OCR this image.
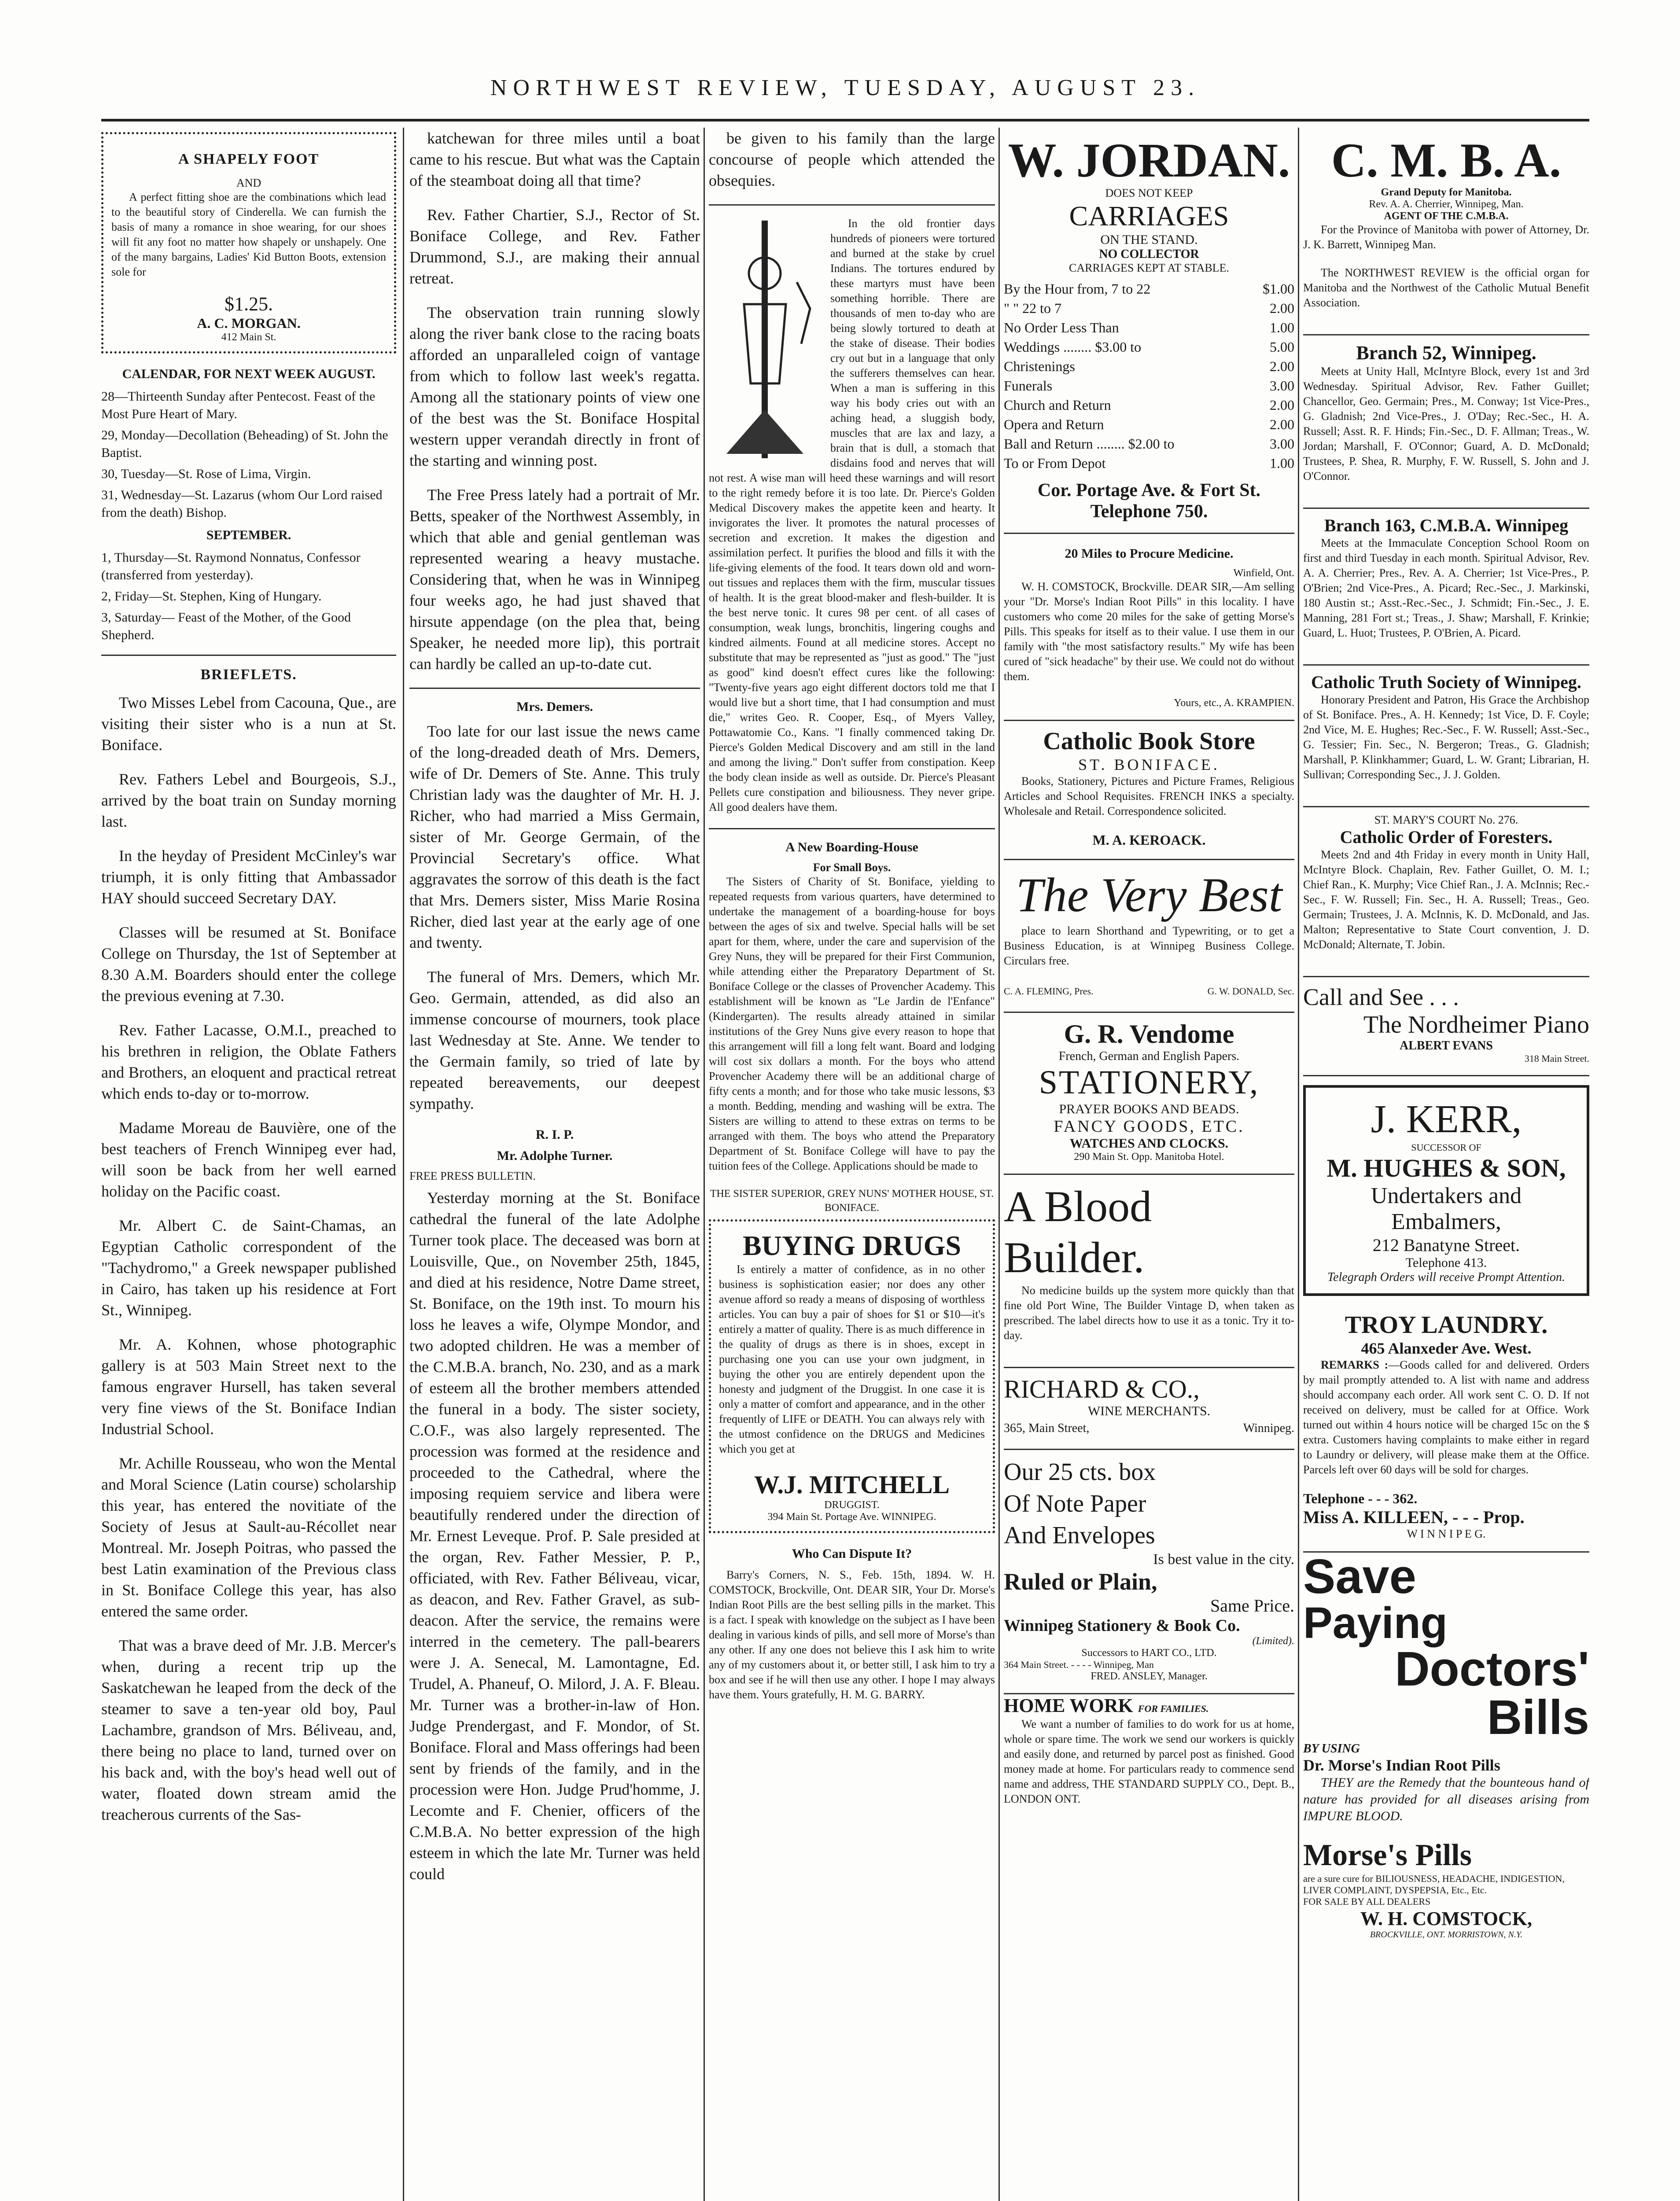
NORTHWEST REVIEW, TUESDAY, AUGUST 23.
A SHAPELY FOOT
AND

A perfect fitting shoe are the combinations which lead to the beautiful story of Cinderella. We can furnish the basis of many a romance in shoe wearing, for our shoes will fit any foot no matter how shapely or unshapely. One of the many bargains, Ladies' Kid Button Boots, extension sole for

$1.25.
A. C. MORGAN.
412 Main St.
CALENDAR, FOR NEXT WEEK AUGUST.
28—Thirteenth Sunday after Pentecost. Feast of the Most Pure Heart of Mary.
29, Monday—Decollation (Beheading) of St. John the Baptist.
30, Tuesday—St. Rose of Lima, Virgin.
31, Wednesday—St. Lazarus (whom Our Lord raised from the death) Bishop.
SEPTEMBER.
1, Thursday—St. Raymond Nonnatus, Confessor (transferred from yesterday).
2, Friday—St. Stephen, King of Hungary.
3, Saturday— Feast of the Mother, of the Good Shepherd.
BRIEFLETS.

Two Misses Lebel from Cacouna, Que., are visiting their sister who is a nun at St. Boniface.

Rev. Fathers Lebel and Bourgeois, S.J., arrived by the boat train on Sunday morning last.

In the heyday of President McCinley's war triumph, it is only fitting that Ambassador HAY should succeed Secretary DAY.

Classes will be resumed at St. Boniface College on Thursday, the 1st of September at 8.30 A.M. Boarders should enter the college the previous evening at 7.30.

Rev. Father Lacasse, O.M.I., preached to his brethren in religion, the Oblate Fathers and Brothers, an eloquent and practical retreat which ends to-day or to-morrow.

Madame Moreau de Bauvière, one of the best teachers of French Winnipeg ever had, will soon be back from her well earned holiday on the Pacific coast.

Mr. Albert C. de Saint-Chamas, an Egyptian Catholic correspondent of the "Tachydromo," a Greek newspaper published in Cairo, has taken up his residence at Fort St., Winnipeg.

Mr. A. Kohnen, whose photographic gallery is at 503 Main Street next to the famous engraver Hursell, has taken several very fine views of the St. Boniface Indian Industrial School.

Mr. Achille Rousseau, who won the Mental and Moral Science (Latin course) scholarship this year, has entered the novitiate of the Society of Jesus at Sault-au-Récollet near Montreal. Mr. Joseph Poitras, who passed the best Latin examination of the Previous class in St. Boniface College this year, has also entered the same order.

That was a brave deed of Mr. J.B. Mercer's when, during a recent trip up the Saskatchewan he leaped from the deck of the steamer to save a ten-year old boy, Paul Lachambre, grandson of Mrs. Béliveau, and, there being no place to land, turned over on his back and, with the boy's head well out of water, floated down stream amid the treacherous currents of the Sas-

katchewan for three miles until a boat came to his rescue. But what was the Captain of the steamboat doing all that time?

Rev. Father Chartier, S.J., Rector of St. Boniface College, and Rev. Father Drummond, S.J., are making their annual retreat.

The observation train running slowly along the river bank close to the racing boats afforded an unparalleled coign of vantage from which to follow last week's regatta. Among all the stationary points of view one of the best was the St. Boniface Hospital western upper verandah directly in front of the starting and winning post.

The Free Press lately had a portrait of Mr. Betts, speaker of the Northwest Assembly, in which that able and genial gentleman was represented wearing a heavy mustache. Considering that, when he was in Winnipeg four weeks ago, he had just shaved that hirsute appendage (on the plea that, being Speaker, he needed more lip), this portrait can hardly be called an up-to-date cut.

Mrs. Demers.

Too late for our last issue the news came of the long-dreaded death of Mrs. Demers, wife of Dr. Demers of Ste. Anne. This truly Christian lady was the daughter of Mr. H. J. Richer, who had married a Miss Germain, sister of Mr. George Germain, of the Provincial Secretary's office. What aggravates the sorrow of this death is the fact that Mrs. Demers sister, Miss Marie Rosina Richer, died last year at the early age of one and twenty.

The funeral of Mrs. Demers, which Mr. Geo. Germain, attended, as did also an immense concourse of mourners, took place last Wednesday at Ste. Anne. We tender to the Germain family, so tried of late by repeated bereavements, our deepest sympathy.

R. I. P.
Mr. Adolphe Turner.
FREE PRESS BULLETIN.

Yesterday morning at the St. Boniface cathedral the funeral of the late Adolphe Turner took place. The deceased was born at Louisville, Que., on November 25th, 1845, and died at his residence, Notre Dame street, St. Boniface, on the 19th inst. To mourn his loss he leaves a wife, Olympe Mondor, and two adopted children. He was a member of the C.M.B.A. branch, No. 230, and as a mark of esteem all the brother members attended the funeral in a body. The sister society, C.O.F., was also largely represented. The procession was formed at the residence and proceeded to the Cathedral, where the imposing requiem service and libera were beautifully rendered under the direction of Mr. Ernest Leveque. Prof. P. Sale presided at the organ, Rev. Father Messier, P. P., officiated, with Rev. Father Béliveau, vicar, as deacon, and Rev. Father Gravel, as sub-deacon. After the service, the remains were interred in the cemetery. The pall-bearers were J. A. Senecal, M. Lamontagne, Ed. Trudel, A. Phaneuf, O. Milord, J. A. F. Bleau. Mr. Turner was a brother-in-law of Hon. Judge Prendergast, and F. Mondor, of St. Boniface. Floral and Mass offerings had been sent by friends of the family, and in the procession were Hon. Judge Prud'homme, J. Lecomte and F. Chenier, officers of the C.M.B.A. No better expression of the high esteem in which the late Mr. Turner was held could

be given to his family than the large concourse of people which attended the obsequies.

In the old frontier days hundreds of pioneers were tortured and burned at the stake by cruel Indians. The tortures endured by these martyrs must have been something horrible. There are thousands of men to-day who are being slowly tortured to death at the stake of disease. Their bodies cry out but in a language that only the sufferers themselves can hear. When a man is suffering in this way his body cries out with an aching head, a sluggish body, muscles that are lax and lazy, a brain that is dull, a stomach that disdains food and nerves that will not rest. A wise man will heed these warnings and will resort to the right remedy before it is too late. Dr. Pierce's Golden Medical Discovery makes the appetite keen and hearty. It invigorates the liver. It promotes the natural processes of secretion and excretion. It makes the digestion and assimilation perfect. It purifies the blood and fills it with the life-giving elements of the food. It tears down old and worn-out tissues and replaces them with the firm, muscular tissues of health. It is the great blood-maker and flesh-builder. It is the best nerve tonic. It cures 98 per cent. of all cases of consumption, weak lungs, bronchitis, lingering coughs and kindred ailments. Found at all medicine stores. Accept no substitute that may be represented as "just as good." The "just as good" kind doesn't effect cures like the following: "Twenty-five years ago eight different doctors told me that I would live but a short time, that I had consumption and must die," writes Geo. R. Cooper, Esq., of Myers Valley, Pottawatomie Co., Kans. "I finally commenced taking Dr. Pierce's Golden Medical Discovery and am still in the land and among the living." Don't suffer from constipation. Keep the body clean inside as well as outside. Dr. Pierce's Pleasant Pellets cure constipation and biliousness. They never gripe. All good dealers have them.

A New Boarding-House
For Small Boys.

The Sisters of Charity of St. Boniface, yielding to repeated requests from various quarters, have determined to undertake the management of a boarding-house for boys between the ages of six and twelve. Special halls will be set apart for them, where, under the care and supervision of the Grey Nuns, they will be prepared for their First Communion, while attending either the Preparatory Department of St. Boniface College or the classes of Provencher Academy. This establishment will be known as "Le Jardin de l'Enfance" (Kindergarten). The results already attained in similar institutions of the Grey Nuns give every reason to hope that this arrangement will fill a long felt want. Board and lodging will cost six dollars a month. For the boys who attend Provencher Academy there will be an additional charge of fifty cents a month; and for those who take music lessons, $3 a month. Bedding, mending and washing will be extra. The Sisters are willing to attend to these extras on terms to be arranged with them. The boys who attend the Preparatory Department of St. Boniface College will have to pay the tuition fees of the College. Applications should be made to

THE SISTER SUPERIOR, GREY NUNS' MOTHER HOUSE, ST. BONIFACE.
BUYING DRUGS

Is entirely a matter of confidence, as in no other business is sophistication easier; nor does any other avenue afford so ready a means of disposing of worthless articles. You can buy a pair of shoes for $1 or $10—it's entirely a matter of quality. There is as much difference in the quality of drugs as there is in shoes, except in purchasing one you can use your own judgment, in buying the other you are entirely dependent upon the honesty and judgment of the Druggist. In one case it is only a matter of comfort and appearance, and in the other frequently of LIFE or DEATH. You can always rely with the utmost confidence on the DRUGS and Medicines which you get at

W.J. MITCHELL
DRUGGIST.
394 Main St. Portage Ave. WINNIPEG.
Who Can Dispute It?

Barry's Corners, N. S., Feb. 15th, 1894. W. H. COMSTOCK, Brockville, Ont. DEAR SIR, Your Dr. Morse's Indian Root Pills are the best selling pills in the market. This is a fact. I speak with knowledge on the subject as I have been dealing in various kinds of pills, and sell more of Morse's than any other. If any one does not believe this I ask him to write any of my customers about it, or better still, I ask him to try a box and see if he will then use any other. I hope I may always have them. Yours gratefully, H. M. G. BARRY.

W. JORDAN.
DOES NOT KEEP
CARRIAGES
ON THE STAND.
NO COLLECTOR
CARRIAGES KEPT AT STABLE.
By the Hour from, 7 to 22	$1.00
" " 22 to 7	2.00
No Order Less Than	1.00
Weddings ........ $3.00 to	5.00
Christenings	2.00
Funerals	3.00
Church and Return	2.00
Opera and Return	2.00
Ball and Return ........ $2.00 to	3.00
To or From Depot	1.00
Cor. Portage Ave. & Fort St.
Telephone 750.
20 Miles to Procure Medicine.
Winfield, Ont.

W. H. COMSTOCK, Brockville. DEAR SIR,—Am selling your "Dr. Morse's Indian Root Pills" in this locality. I have customers who come 20 miles for the sake of getting Morse's Pills. This speaks for itself as to their value. I use them in our family with "the most satisfactory results." My wife has been cured of "sick headache" by their use. We could not do without them.

Yours, etc., A. KRAMPIEN.
Catholic Book Store
ST. BONIFACE.

Books, Stationery, Pictures and Picture Frames, Religious Articles and School Requisites. FRENCH INKS a specialty. Wholesale and Retail. Correspondence solicited.

M. A. KEROACK.
The Very Best

place to learn Shorthand and Typewriting, or to get a Business Education, is at Winnipeg Business College. Circulars free.

C. A. FLEMING, Pres.	G. W. DONALD, Sec.
G. R. Vendome
French, German and English Papers.
STATIONERY,
PRAYER BOOKS AND BEADS.
FANCY GOODS, ETC.
WATCHES AND CLOCKS.
290 Main St. Opp. Manitoba Hotel.
A Blood
Builder.

No medicine builds up the system more quickly than that fine old Port Wine, The Builder Vintage D, when taken as prescribed. The label directs how to use it as a tonic. Try it to-day.

RICHARD & CO.,
WINE MERCHANTS.
365, Main Street,	Winnipeg.
Our 25 cts. box
Of Note Paper
And Envelopes
Is best value in the city.
Ruled or Plain,
Same Price.
Winnipeg Stationery & Book Co.
(Limited).
Successors to HART CO., LTD.
364 Main Street. - - - - Winnipeg, Man
FRED. ANSLEY, Manager.
HOME WORK FOR FAMILIES.

We want a number of families to do work for us at home, whole or spare time. The work we send our workers is quickly and easily done, and returned by parcel post as finished. Good money made at home. For particulars ready to commence send name and address, THE STANDARD SUPPLY CO., Dept. B., LONDON ONT.

C. M. B. A.
Grand Deputy for Manitoba.
Rev. A. A. Cherrier, Winnipeg, Man.
AGENT OF THE C.M.B.A.

For the Province of Manitoba with power of Attorney, Dr. J. K. Barrett, Winnipeg Man.

The NORTHWEST REVIEW is the official organ for Manitoba and the Northwest of the Catholic Mutual Benefit Association.

Branch 52, Winnipeg.

Meets at Unity Hall, McIntyre Block, every 1st and 3rd Wednesday. Spiritual Advisor, Rev. Father Guillet; Chancellor, Geo. Germain; Pres., M. Conway; 1st Vice-Pres., G. Gladnish; 2nd Vice-Pres., J. O'Day; Rec.-Sec., H. A. Russell; Asst. R. F. Hinds; Fin.-Sec., D. F. Allman; Treas., W. Jordan; Marshall, F. O'Connor; Guard, A. D. McDonald; Trustees, P. Shea, R. Murphy, F. W. Russell, S. John and J. O'Connor.

Branch 163, C.M.B.A. Winnipeg

Meets at the Immaculate Conception School Room on first and third Tuesday in each month. Spiritual Advisor, Rev. A. A. Cherrier; Pres., Rev. A. A. Cherrier; 1st Vice-Pres., P. O'Brien; 2nd Vice-Pres., A. Picard; Rec.-Sec., J. Markinski, 180 Austin st.; Asst.-Rec.-Sec., J. Schmidt; Fin.-Sec., J. E. Manning, 281 Fort st.; Treas., J. Shaw; Marshall, F. Krinkie; Guard, L. Huot; Trustees, P. O'Brien, A. Picard.

Catholic Truth Society of Winnipeg.

Honorary President and Patron, His Grace the Archbishop of St. Boniface. Pres., A. H. Kennedy; 1st Vice, D. F. Coyle; 2nd Vice, M. E. Hughes; Rec.-Sec., F. W. Russell; Asst.-Sec., G. Tessier; Fin. Sec., N. Bergeron; Treas., G. Gladnish; Marshall, P. Klinkhammer; Guard, L. W. Grant; Librarian, H. Sullivan; Corresponding Sec., J. J. Golden.

ST. MARY'S COURT No. 276.
Catholic Order of Foresters.

Meets 2nd and 4th Friday in every month in Unity Hall, McIntyre Block. Chaplain, Rev. Father Guillet, O. M. I.; Chief Ran., K. Murphy; Vice Chief Ran., J. A. McInnis; Rec.-Sec., F. W. Russell; Fin. Sec., H. A. Russell; Treas., Geo. Germain; Trustees, J. A. McInnis, K. D. McDonald, and Jas. Malton; Representative to State Court convention, J. D. McDonald; Alternate, T. Jobin.

Call and See . . .
The Nordheimer Piano
ALBERT EVANS
318 Main Street.
J. KERR,
SUCCESSOR OF
M. HUGHES & SON,
Undertakers and Embalmers,
212 Banatyne Street.
Telephone 413.
Telegraph Orders will receive Prompt Attention.
TROY LAUNDRY.
465 Alanxeder Ave. West.

REMARKS :—Goods called for and delivered. Orders by mail promptly attended to. A list with name and address should accompany each order. All work sent C. O. D. If not received on delivery, must be called for at Office. Work turned out within 4 hours notice will be charged 15c on the $ extra. Customers having complaints to make either in regard to Laundry or delivery, will please make them at the Office. Parcels left over 60 days will be sold for charges.

Telephone - - - 362.
Miss A. KILLEEN, - - - Prop.
W I N N I P E G.
Save
Paying
Doctors'
Bills
BY USING
Dr. Morse's Indian Root Pills

THEY are the Remedy that the bounteous hand of nature has provided for all diseases arising from IMPURE BLOOD.

Morse's Pills
are a sure cure for BILIOUSNESS, HEADACHE, INDIGESTION, LIVER COMPLAINT, DYSPEPSIA, Etc., Etc.
FOR SALE BY ALL DEALERS
W. H. COMSTOCK,
BROCKVILLE, ONT. MORRISTOWN, N.Y.
